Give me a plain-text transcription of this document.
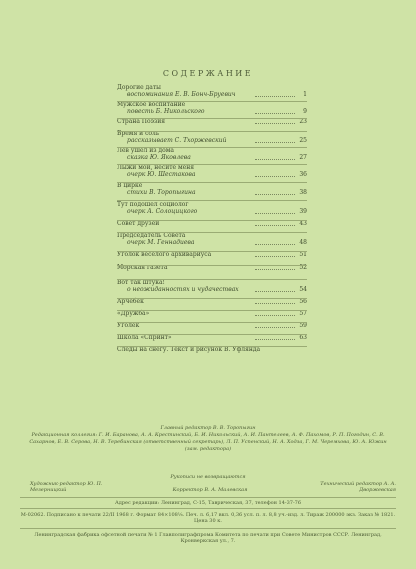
СОДЕРЖАНИЕ
Дорогие даты
воспоминания Е. В. Бонч-Бруевич	1
Мужское воспитание
повесть Б. Никольского	9
Страна Поэзия	23
Время и соль
рассказывает С. Тхоржевский	25
Лев ушел из дома
сказка Ю. Яковлева	27
Лыжи мои, несите меня
очерк Ю. Шестакова	36
В цирке
стихи В. Торопыгина	38
Тут подошел социолог
очерк А. Солоцицкого	39
Совет друзей	43
Председатель Совета
очерк М. Геннадиева	48
Уголок веселого архивариуса	51
Морская газета	52
Вот так штука!
о неожиданностях и чудачествах	54
Арчебек	56
«Дружба»	57
Уголек	59
Школа «Спринт»	63
Следы на снегу. Текст и рисунок В. Уфлянда
Главный редактор В. В. Торопыгин
Редакционная коллегия: Г. И. Баранова, А. А. Крестинский, Б. И. Никольский, А. И. Пантелеев, А. Ф. Пахомов, Р. П. Погодин, С. В. Сахарнов, Е. В. Серова, Н. В. Теребинская (ответственный секретарь), Л. П. Успенский, Н. А. Ходза, Г. М. Черемхова, Ю. А. Южин (зам. редактора)
Рукописи не возвращаются
Художник-редактор Ю. П. Мезерницкий	Корректор В. А. Малевская
Технический редактор А. А. Дворжевская
Адрес редакции: Ленинград, С-15, Таврическая, 37, телефон 14-37-76
М-02062. Подписано к печати 22/II 1968 г. Формат 84×108⅛. Печ. л. 6,17 вкл. 0,36 усл. п. л. 8,8 уч.-изд. л. Тираж 200000 экз. Заказ № 1821. Цена 30 к.
Ленинградская фабрика офсетной печати № 1 Главполиграфпрома Комитета по печати при Совете Министров СССР. Ленинград, Кронверкская ул., 7.
